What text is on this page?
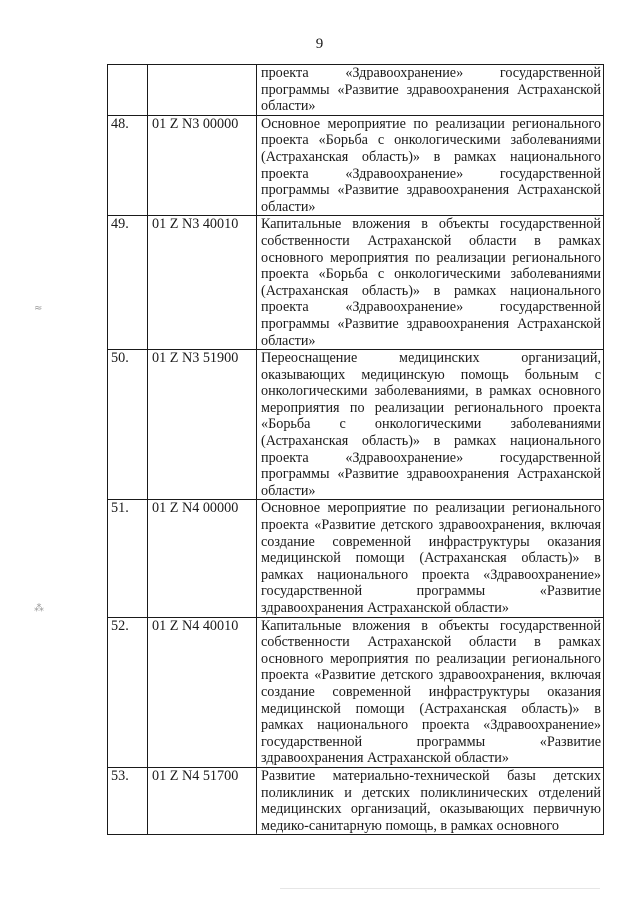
9
≈
⁂
		проекта «Здравоохранение» государственной программы «Развитие здравоохранения Астраханской области»
48.	01 Z N3 00000	Основное мероприятие по реализации регионального проекта «Борьба с онкологическими заболеваниями (Астраханская область)» в рамках национального проекта «Здравоохранение» государственной программы «Развитие здравоохранения Астраханской области»
49.	01 Z N3 40010	Капитальные вложения в объекты государственной собственности Астраханской области в рамках основного мероприятия по реализации регионального проекта «Борьба с онкологическими заболеваниями (Астраханская область)» в рамках национального проекта «Здравоохранение» государственной программы «Развитие здравоохранения Астраханской области»
50.	01 Z N3 51900	Переоснащение медицинских организаций, оказывающих медицинскую помощь больным с онкологическими заболеваниями, в рамках основного мероприятия по реализации регионального проекта «Борьба с онкологическими заболеваниями (Астраханская область)» в рамках национального проекта «Здравоохранение» государственной программы «Развитие здравоохранения Астраханской области»
51.	01 Z N4 00000	Основное мероприятие по реализации регионального проекта «Развитие детского здравоохранения, включая создание современной инфраструктуры оказания медицинской помощи (Астраханская область)» в рамках национального проекта «Здравоохранение» государственной программы «Развитие здравоохранения Астраханской области»
52.	01 Z N4 40010	Капитальные вложения в объекты государственной собственности Астраханской области в рамках основного мероприятия по реализации регионального проекта «Развитие детского здравоохранения, включая создание современной инфраструктуры оказания медицинской помощи (Астраханская область)» в рамках национального проекта «Здравоохранение» государственной программы «Развитие здравоохранения Астраханской области»
53.	01 Z N4 51700	Развитие материально-технической базы детских поликлиник и детских поликлинических отделений медицинских организаций, оказывающих первичную медико-санитарную помощь, в рамках основного
